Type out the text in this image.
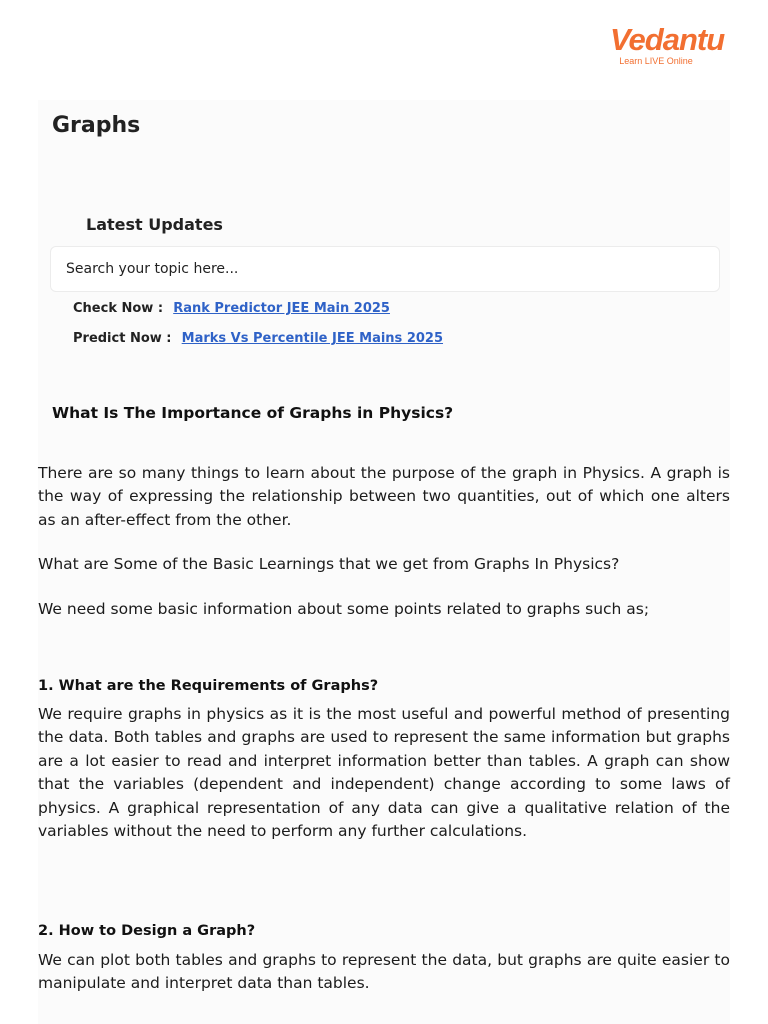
Vedantu
Learn LIVE Online
Graphs
Latest Updates
Search your topic here...
Check Now : Rank Predictor JEE Main 2025
Predict Now : Marks Vs Percentile JEE Mains 2025
What Is The Importance of Graphs in Physics?

There are so many things to learn about the purpose of the graph in Physics. A graph is the way of expressing the relationship between two quantities, out of which one alters as an after-effect from the other.

What are Some of the Basic Learnings that we get from Graphs In Physics?

We need some basic information about some points related to graphs such as;

1. What are the Requirements of Graphs?

We require graphs in physics as it is the most useful and powerful method of presenting the data. Both tables and graphs are used to represent the same information but graphs are a lot easier to read and interpret information better than tables. A graph can show that the variables (dependent and independent) change according to some laws of physics. A graphical representation of any data can give a qualitative relation of the variables without the need to perform any further calculations.

2. How to Design a Graph?

We can plot both tables and graphs to represent the data, but graphs are quite easier to manipulate and interpret data than tables.
